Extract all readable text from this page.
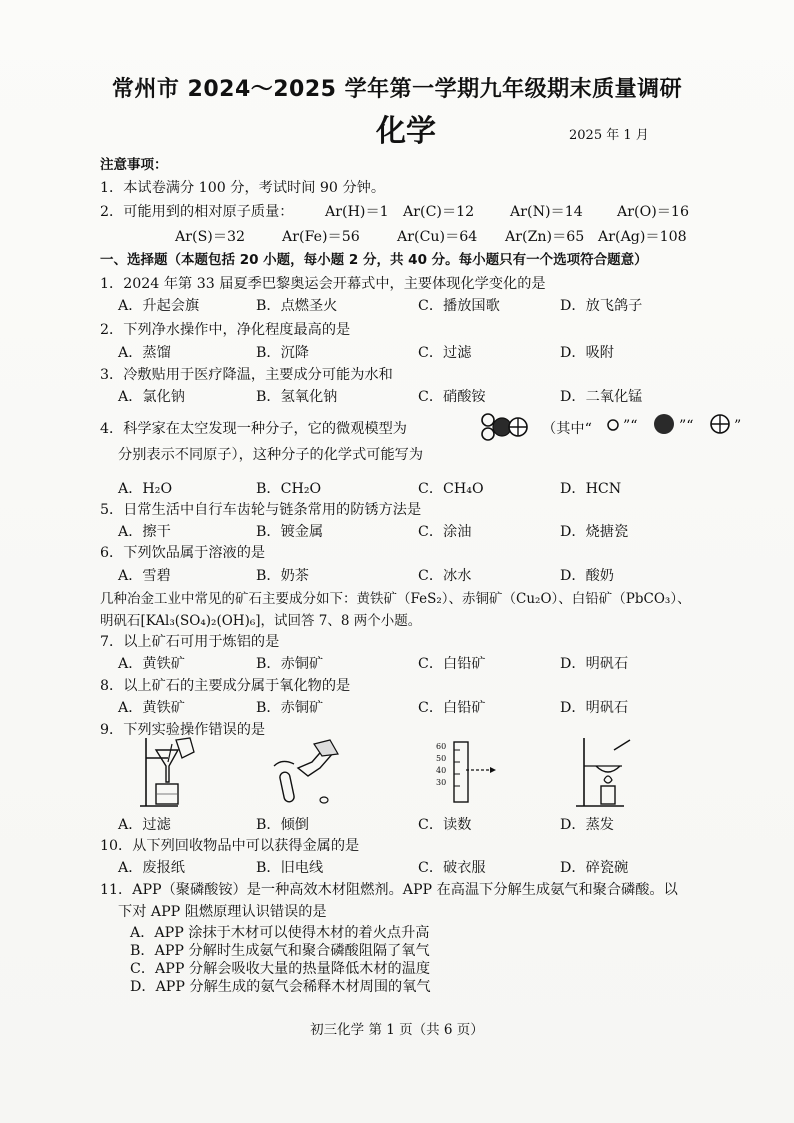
常州市 2024～2025 学年第一学期九年级期末质量调研
化学	2025 年 1 月
注意事项：
1．本试卷满分 100 分，考试时间 90 分钟。
2．可能用到的相对原子质量： Ar(H)＝1 Ar(C)＝12	Ar(N)＝14 Ar(O)＝16
Ar(S)＝32	Ar(Fe)＝56	Ar(Cu)＝64 Ar(Zn)＝65 Ar(Ag)＝108
一、选择题（本题包括 20 小题，每小题 2 分，共 40 分。每小题只有一个选项符合题意）
1．2024 年第 33 届夏季巴黎奥运会开幕式中，主要体现化学变化的是
A．升起会旗	B．点燃圣火	C．播放国歌	D．放飞鸽子
2．下列净水操作中，净化程度最高的是
A．蒸馏	B．沉降	C．过滤	D．吸附
3．冷敷贴用于医疗降温，主要成分可能为水和
A．氯化钠	B．氢氧化钠	C．硝酸铵	D．二氧化锰
4．科学家在太空发现一种分子，它的微观模型为	（其中“ ”“	”“	”
分别表示不同原子），这种分子的化学式可能写为
A．H₂O	B．CH₂O	C．CH₄O	D．HCN
5．日常生活中自行车齿轮与链条常用的防锈方法是
A．擦干	B．镀金属	C．涂油	D．烧搪瓷
6．下列饮品属于溶液的是
A．雪碧	B．奶茶	C．冰水	D．酸奶
几种冶金工业中常见的矿石主要成分如下：黄铁矿（FeS₂）、赤铜矿（Cu₂O）、白铅矿（PbCO₃）、
明矾石[KAl₃(SO₄)₂(OH)₆]，试回答 7、8 两个小题。
7．以上矿石可用于炼铝的是
A．黄铁矿	B．赤铜矿	C．白铅矿	D．明矾石
8．以上矿石的主要成分属于氧化物的是
A．黄铁矿	B．赤铜矿	C．白铅矿	D．明矾石
9．下列实验操作错误的是
60
50
40
30
A．过滤	B．倾倒	C．读数	D．蒸发
10．从下列回收物品中可以获得金属的是
A．废报纸	B．旧电线	C．破衣服	D．碎瓷碗
11．APP（聚磷酸铵）是一种高效木材阻燃剂。APP 在高温下分解生成氨气和聚合磷酸。以
下对 APP 阻燃原理认识错误的是
A．APP 涂抹于木材可以使得木材的着火点升高
B．APP 分解时生成氨气和聚合磷酸阻隔了氧气
C．APP 分解会吸收大量的热量降低木材的温度
D．APP 分解生成的氨气会稀释木材周围的氧气
初三化学 第 1 页（共 6 页）
